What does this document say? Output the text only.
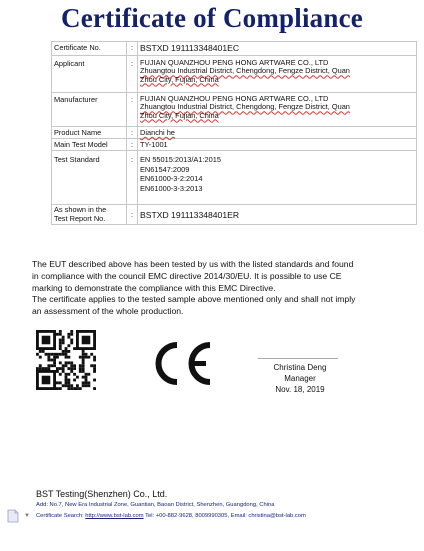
Certificate of Compliance
Certificate No.	:	BSTXD 191113348401EC
Applicant	:	FUJIAN QUANZHOU PENG HONG ARTWARE CO., LTD
Zhuangtou Industrial District, Chengdong, Fengze District, Quan
Zhou City, Fujian, China

Manufacturer	:	FUJIAN QUANZHOU PENG HONG ARTWARE CO., LTD
Zhuangtou Industrial District, Chengdong, Fengze District, Quan
Zhou City, Fujian, China

Product Name	:	Dianchi he
Main Test Model	:	TY-1001
Test Standard	:	EN 55015:2013/A1:2015
EN61547:2009
EN61000-3-2:2014
EN61000-3-3:2013

As shown in the
Test Report No.	:	BSTXD 191113348401ER
The EUT described above has been tested by us with the listed standards and found
in compliance with the council EMC directive 2014/30/EU. It is possible to use CE
marking to demonstrate the compliance with this EMC Directive.
The certificate applies to the tested sample above mentioned only and shall not imply
an assessment of the whole production.
Christina Deng
Manager
Nov. 18, 2019
BST Testing(Shenzhen) Co., Ltd.
Add: No.7, New Era Industrial Zone, Guantian, Baoan District, Shenzhen, Guangdong, China
▼ Certificate Search: http://www.bst-lab.com Tel: +00-882-9628, 8009990305, Email: christina@bst-lab.com
